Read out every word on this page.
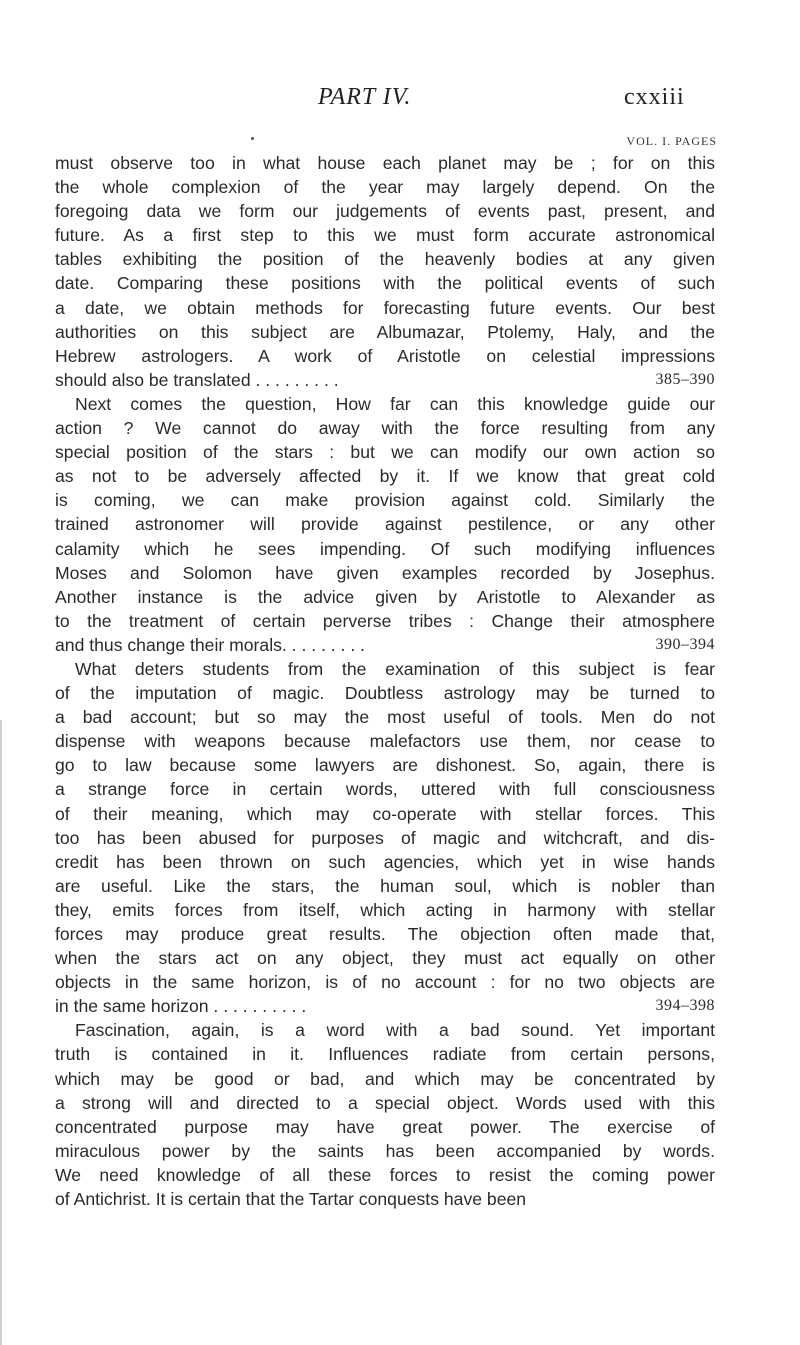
PART IV.	cxxiii
VOL. I. PAGES
must observe too in what house each planet may be ; for on this
the whole complexion of the year may largely depend. On the
foregoing data we form our judgements of events past, present, and
future. As a first step to this we must form accurate astronomical
tables exhibiting the position of the heavenly bodies at any given
date. Comparing these positions with the political events of such
a date, we obtain methods for forecasting future events. Our best
authorities on this subject are Albumazar, Ptolemy, Haly, and the
Hebrew astrologers. A work of Aristotle on celestial impressions
should also be translated . . . . . . . . .	385–390
Next comes the question, How far can this knowledge guide our
action ? We cannot do away with the force resulting from any
special position of the stars : but we can modify our own action so
as not to be adversely affected by it. If we know that great cold
is coming, we can make provision against cold. Similarly the
trained astronomer will provide against pestilence, or any other
calamity which he sees impending. Of such modifying influences
Moses and Solomon have given examples recorded by Josephus.
Another instance is the advice given by Aristotle to Alexander as
to the treatment of certain perverse tribes : Change their atmosphere
and thus change their morals. . . . . . . . .	390–394
What deters students from the examination of this subject is fear
of the imputation of magic. Doubtless astrology may be turned to
a bad account; but so may the most useful of tools. Men do not
dispense with weapons because malefactors use them, nor cease to
go to law because some lawyers are dishonest. So, again, there is
a strange force in certain words, uttered with full consciousness
of their meaning, which may co-operate with stellar forces. This
too has been abused for purposes of magic and witchcraft, and dis-
credit has been thrown on such agencies, which yet in wise hands
are useful. Like the stars, the human soul, which is nobler than
they, emits forces from itself, which acting in harmony with stellar
forces may produce great results. The objection often made that,
when the stars act on any object, they must act equally on other
objects in the same horizon, is of no account : for no two objects are
in the same horizon . . . . . . . . . .	394–398
Fascination, again, is a word with a bad sound. Yet important
truth is contained in it. Influences radiate from certain persons,
which may be good or bad, and which may be concentrated by
a strong will and directed to a special object. Words used with this
concentrated purpose may have great power. The exercise of
miraculous power by the saints has been accompanied by words.
We need knowledge of all these forces to resist the coming power
of Antichrist. It is certain that the Tartar conquests have been
